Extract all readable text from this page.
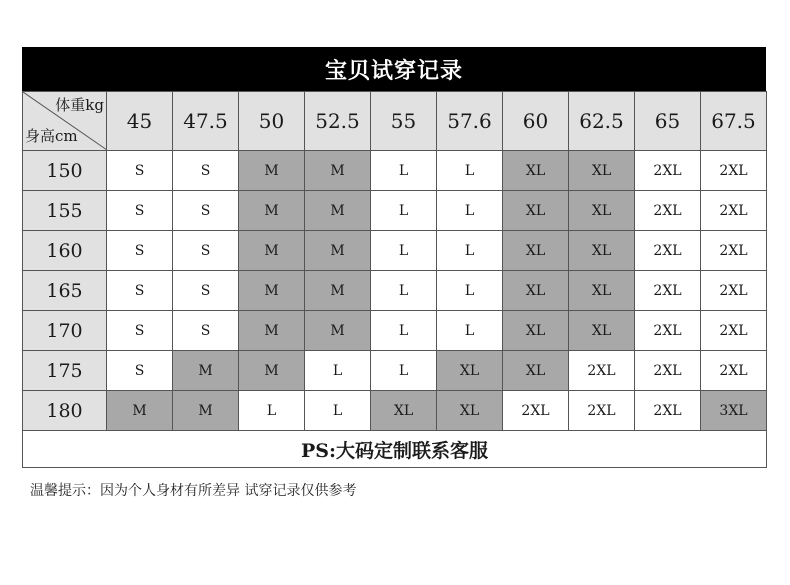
宝贝试穿记录
体重kg
身高cm	45	47.5	50	52.5	55	57.6	60	62.5	65	67.5
150	S	S	M	M	L	L	XL	XL	2XL	2XL
155	S	S	M	M	L	L	XL	XL	2XL	2XL
160	S	S	M	M	L	L	XL	XL	2XL	2XL
165	S	S	M	M	L	L	XL	XL	2XL	2XL
170	S	S	M	M	L	L	XL	XL	2XL	2XL
175	S	M	M	L	L	XL	XL	2XL	2XL	2XL
180	M	M	L	L	XL	XL	2XL	2XL	2XL	3XL
PS:大码定制联系客服										
温馨提示：因为个人身材有所差异 试穿记录仅供参考
